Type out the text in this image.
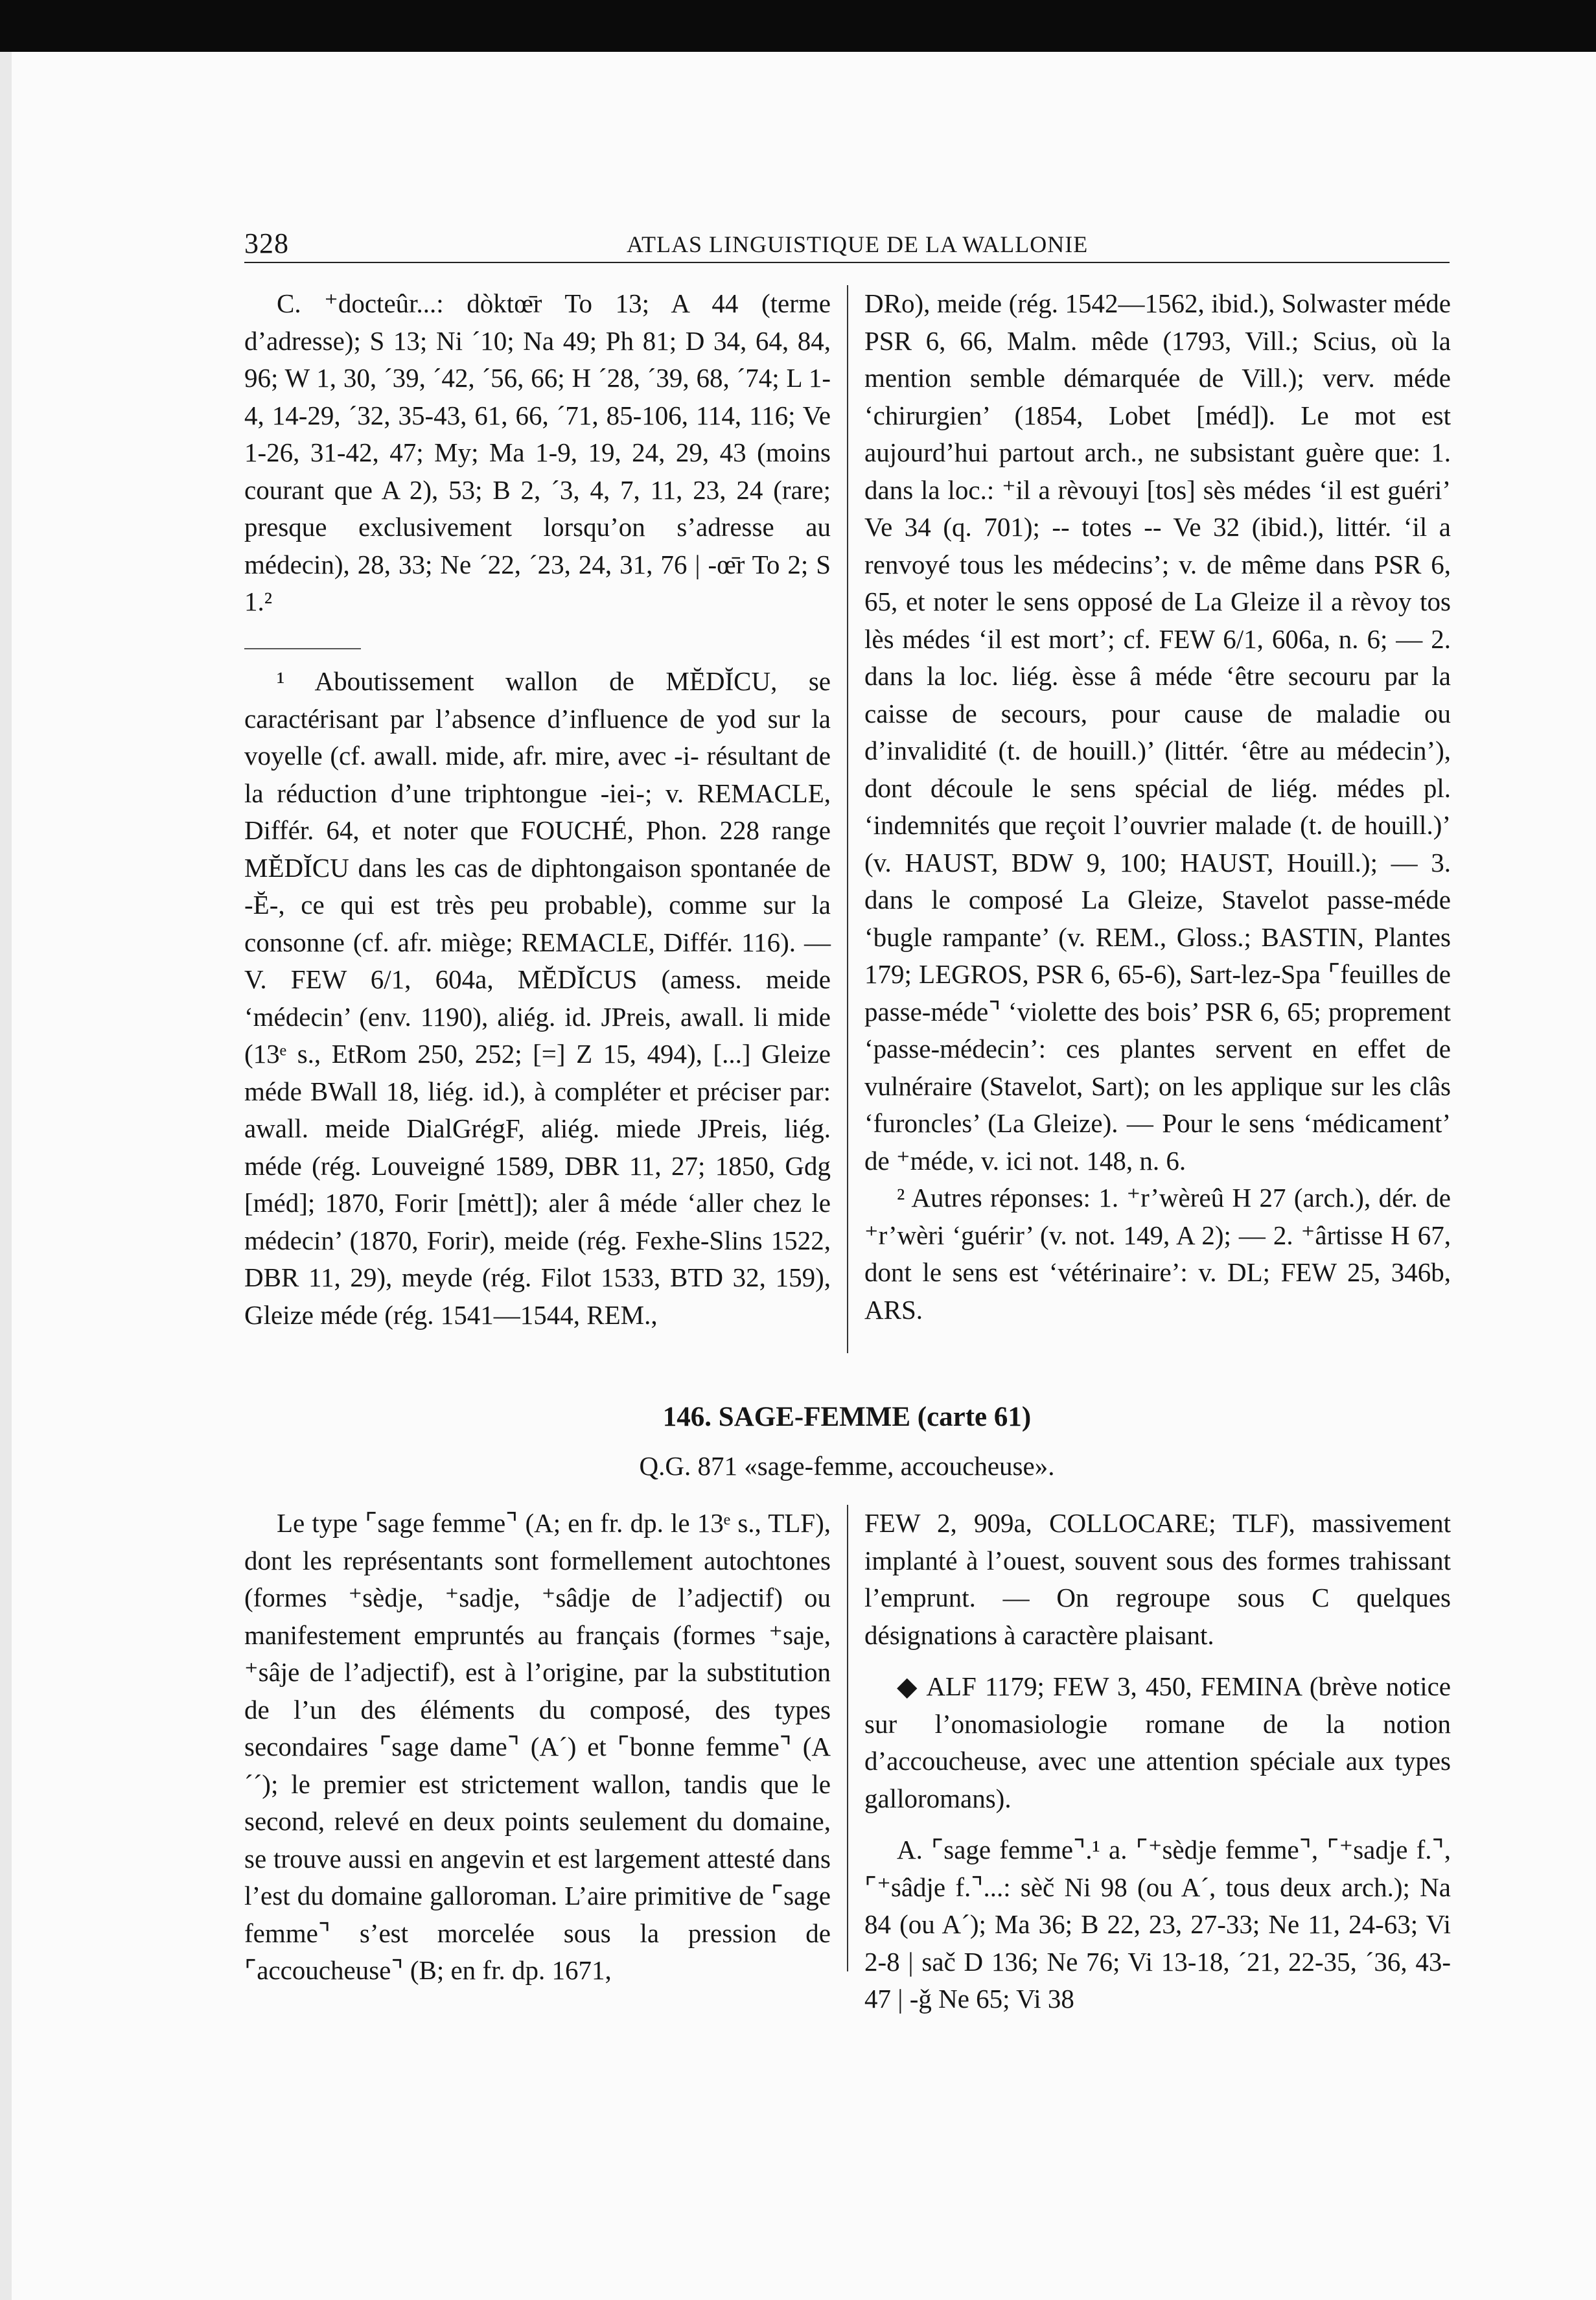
328	ATLAS LINGUISTIQUE DE LA WALLONIE

C. ⁺docteûr...: dòktœ̄r To 13; A 44 (terme d’adresse); S 13; Ni ´10; Na 49; Ph 81; D 34, 64, 84, 96; W 1, 30, ´39, ´42, ´56, 66; H ´28, ´39, 68, ´74; L 1-4, 14-29, ´32, 35-43, 61, 66, ´71, 85-106, 114, 116; Ve 1-26, 31-42, 47; My; Ma 1-9, 19, 24, 29, 43 (moins courant que A 2), 53; B 2, ´3, 4, 7, 11, 23, 24 (rare; presque exclusivement lorsqu’on s’adresse au médecin), 28, 33; Ne ´22, ´23, 24, 31, 76 | -œ̄r To 2; S 1.²

¹ Aboutissement wallon de MĔDĬCU, se caractérisant par l’absence d’influence de yod sur la voyelle (cf. awall. mide, afr. mire, avec -i- résultant de la réduction d’une triphtongue -iei-; v. REMACLE, Différ. 64, et noter que FOUCHÉ, Phon. 228 range MĔDĬCU dans les cas de diphtongaison spontanée de -Ĕ-, ce qui est très peu probable), comme sur la consonne (cf. afr. miège; REMACLE, Différ. 116). — V. FEW 6/1, 604a, MĔDĬCUS (amess. meide ‘médecin’ (env. 1190), aliég. id. JPreis, awall. li mide (13ᵉ s., EtRom 250, 252; [=] Z 15, 494), [...] Gleize méde BWall 18, liég. id.), à compléter et préciser par: awall. meide DialGrégF, aliég. miede JPreis, liég. méde (rég. Louveigné 1589, DBR 11, 27; 1850, Gdg [méd]; 1870, Forir [mėtt]); aler â méde ‘aller chez le médecin’ (1870, Forir), meide (rég. Fexhe-Slins 1522, DBR 11, 29), meyde (rég. Filot 1533, BTD 32, 159), Gleize méde (rég. 1541—1544, REM.,

DRo), meide (rég. 1542—1562, ibid.), Solwaster méde PSR 6, 66, Malm. mêde (1793, Vill.; Scius, où la mention semble démarquée de Vill.); verv. méde ‘chirurgien’ (1854, Lobet [méd]). Le mot est aujourd’hui partout arch., ne subsistant guère que: 1. dans la loc.: ⁺il a rèvouyi [tos] sès médes ‘il est guéri’ Ve 34 (q. 701); -- totes -- Ve 32 (ibid.), littér. ‘il a renvoyé tous les médecins’; v. de même dans PSR 6, 65, et noter le sens opposé de La Gleize il a rèvoy tos lès médes ‘il est mort’; cf. FEW 6/1, 606a, n. 6; — 2. dans la loc. liég. èsse â méde ‘être secouru par la caisse de secours, pour cause de maladie ou d’invalidité (t. de houill.)’ (littér. ‘être au médecin’), dont découle le sens spécial de liég. médes pl. ‘indemnités que reçoit l’ouvrier malade (t. de houill.)’ (v. HAUST, BDW 9, 100; HAUST, Houill.); — 3. dans le composé La Gleize, Stavelot passe-méde ‘bugle rampante’ (v. REM., Gloss.; BASTIN, Plantes 179; LEGROS, PSR 6, 65-6), Sart-lez-Spa ⌜feuilles de passe-méde⌝ ‘violette des bois’ PSR 6, 65; proprement ‘passe-médecin’: ces plantes servent en effet de vulnéraire (Stavelot, Sart); on les applique sur les clâs ‘furoncles’ (La Gleize). — Pour le sens ‘médicament’ de ⁺méde, v. ici not. 148, n. 6.

² Autres réponses: 1. ⁺r’wèreû H 27 (arch.), dér. de ⁺r’wèri ‘guérir’ (v. not. 149, A 2); — 2. ⁺ârtisse H 67, dont le sens est ‘vétérinaire’: v. DL; FEW 25, 346b, ARS.

146. SAGE-FEMME (carte 61)
Q.G. 871 «sage-femme, accoucheuse».

Le type ⌜sage femme⌝ (A; en fr. dp. le 13ᵉ s., TLF), dont les représentants sont formellement autochtones (formes ⁺sèdje, ⁺sadje, ⁺sâdje de l’adjectif) ou manifestement empruntés au français (formes ⁺saje, ⁺sâje de l’adjectif), est à l’origine, par la substitution de l’un des éléments du composé, des types secondaires ⌜sage dame⌝ (A´) et ⌜bonne femme⌝ (A´´); le premier est strictement wallon, tandis que le second, relevé en deux points seulement du domaine, se trouve aussi en angevin et est largement attesté dans l’est du domaine galloroman. L’aire primitive de ⌜sage femme⌝ s’est morcelée sous la pression de ⌜accoucheuse⌝ (B; en fr. dp. 1671,

FEW 2, 909a, COLLOCARE; TLF), massivement implanté à l’ouest, souvent sous des formes trahissant l’emprunt. — On regroupe sous C quelques désignations à caractère plaisant.

◆ ALF 1179; FEW 3, 450, FEMINA (brève notice sur l’onomasiologie romane de la notion d’accoucheuse, avec une attention spéciale aux types galloromans).

A. ⌜sage femme⌝.¹ a. ⌜⁺sèdje femme⌝, ⌜⁺sadje f.⌝, ⌜⁺sâdje f.⌝...: sèč Ni 98 (ou A´, tous deux arch.); Na 84 (ou A´); Ma 36; B 22, 23, 27-33; Ne 11, 24-63; Vi 2-8 | sač D 136; Ne 76; Vi 13-18, ´21, 22-35, ´36, 43-47 | -ǧ Ne 65; Vi 38
